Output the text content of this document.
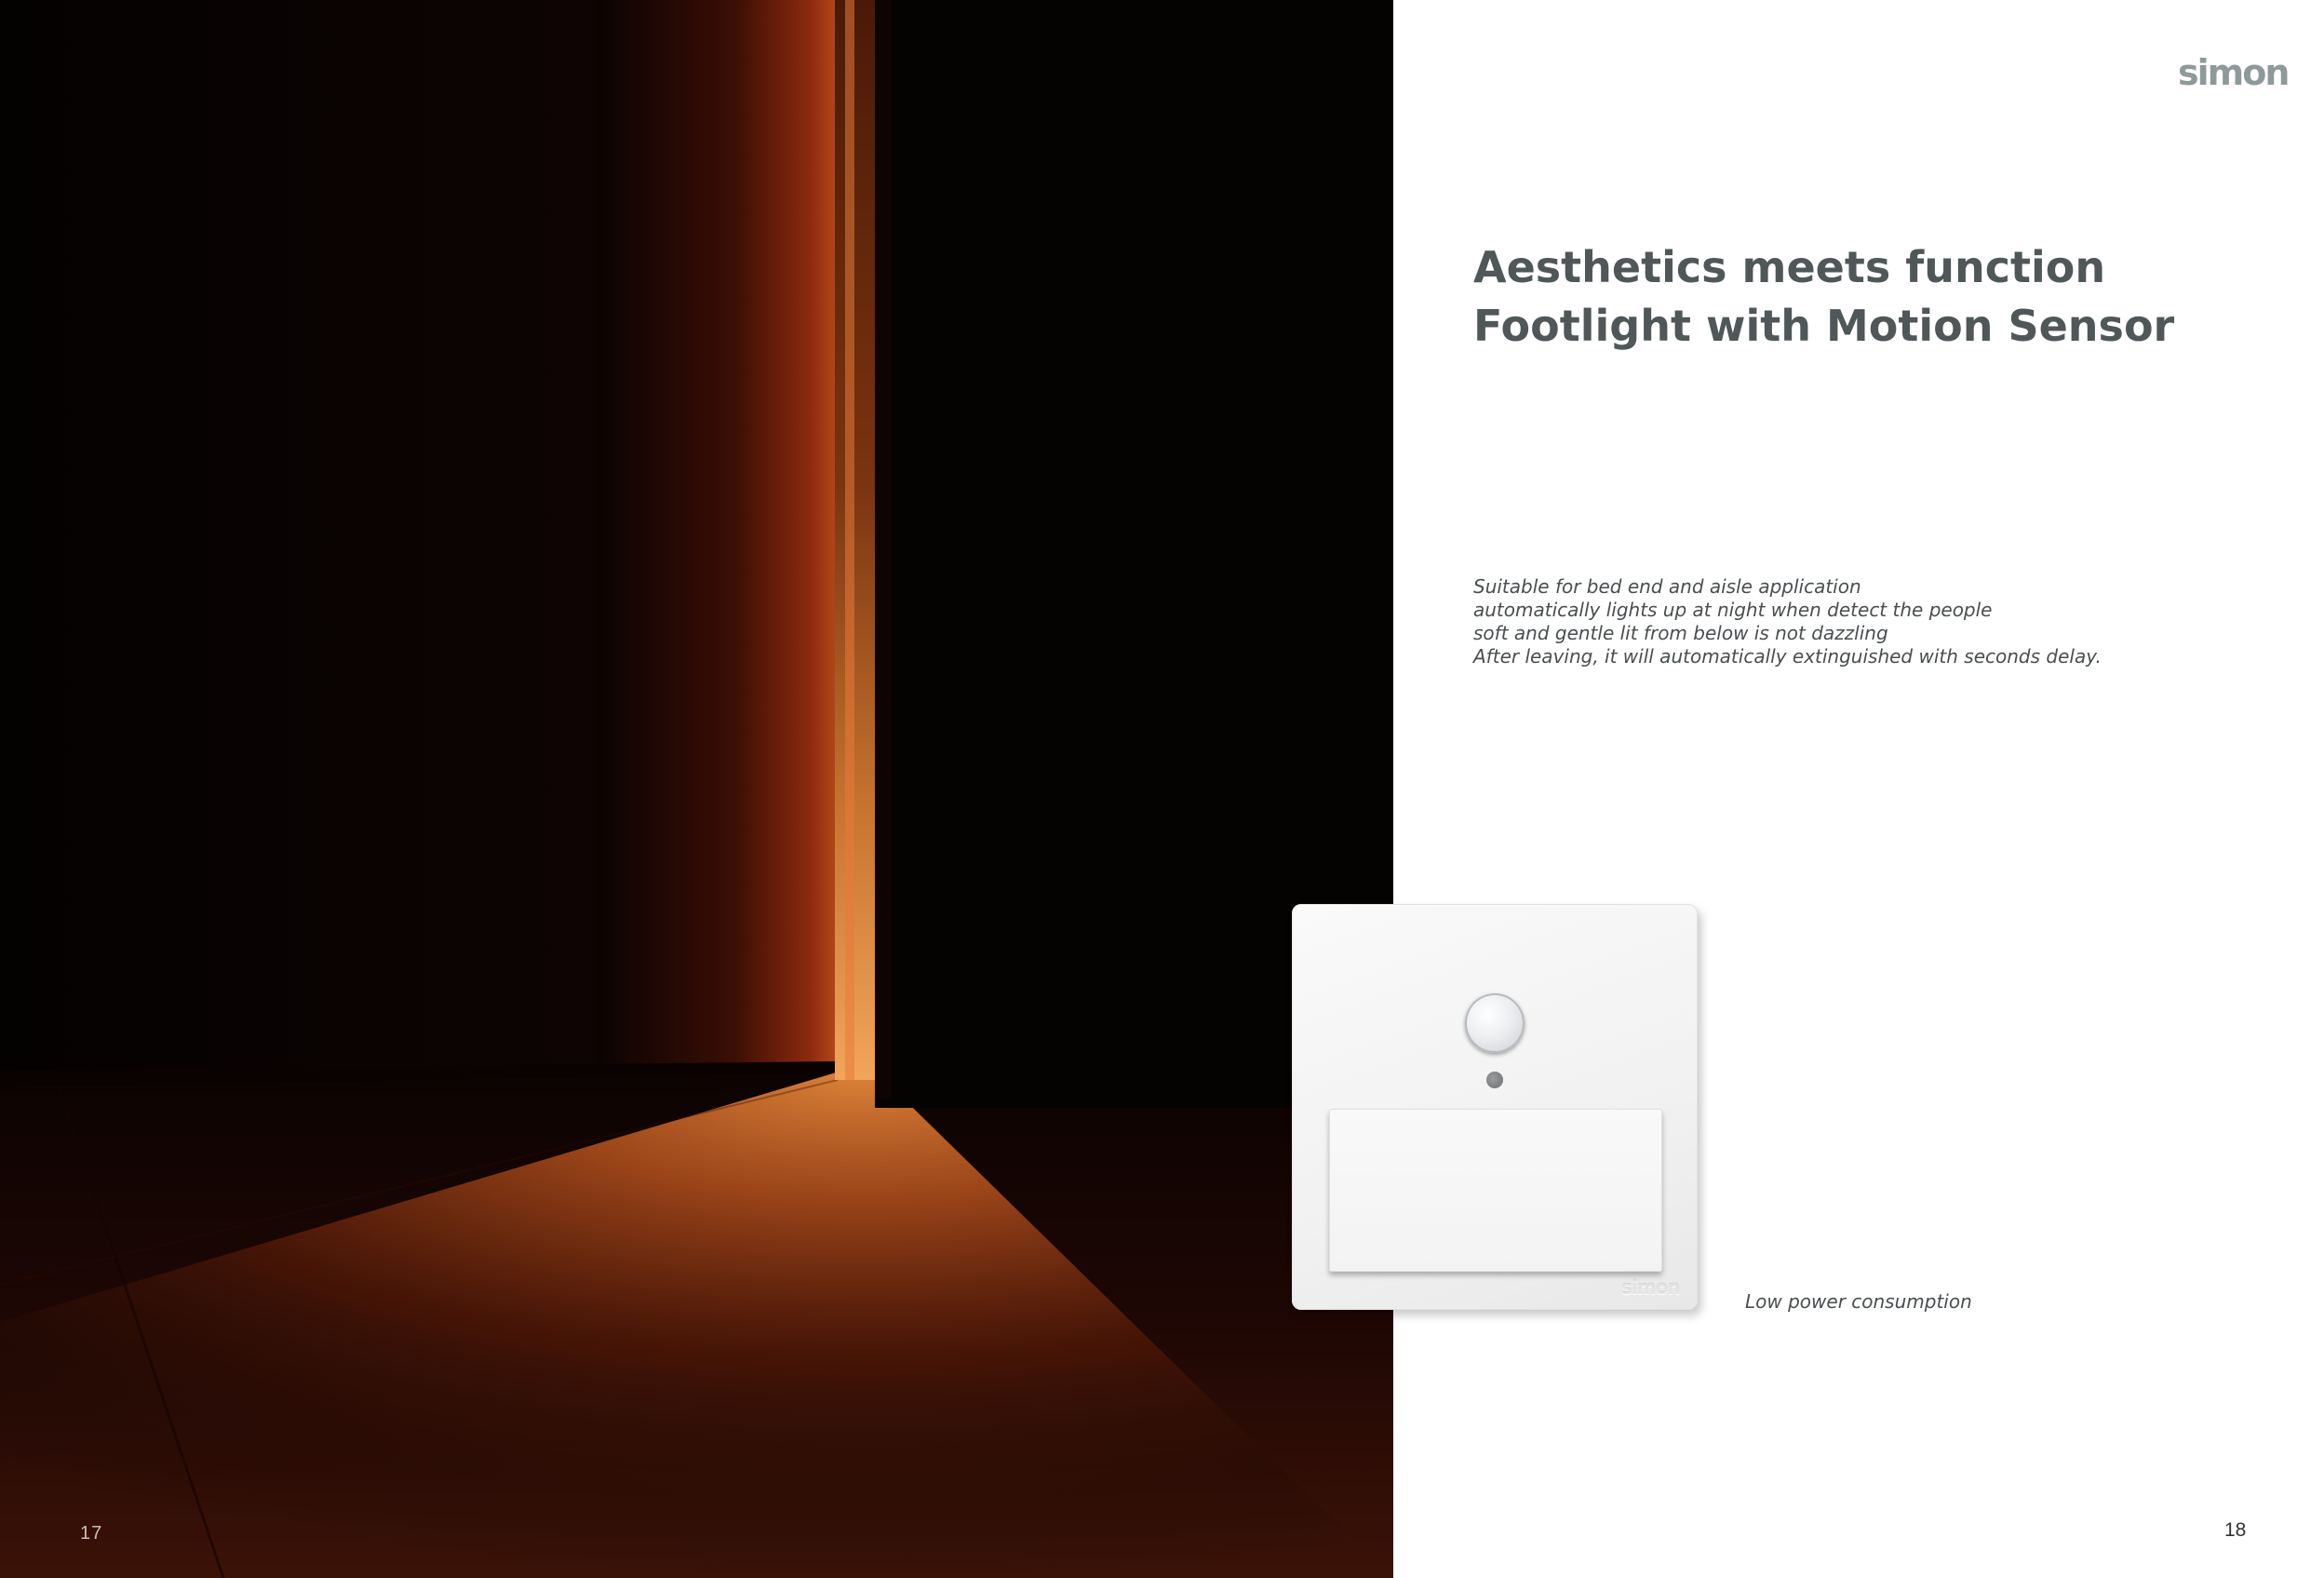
17
simon
Aesthetics meets function
Footlight with Motion Sensor
Suitable for bed end and aisle application
automatically lights up at night when detect the people
soft and gentle lit from below is not dazzling
After leaving, it will automatically extinguished with seconds delay.
simon
Low power consumption
18
